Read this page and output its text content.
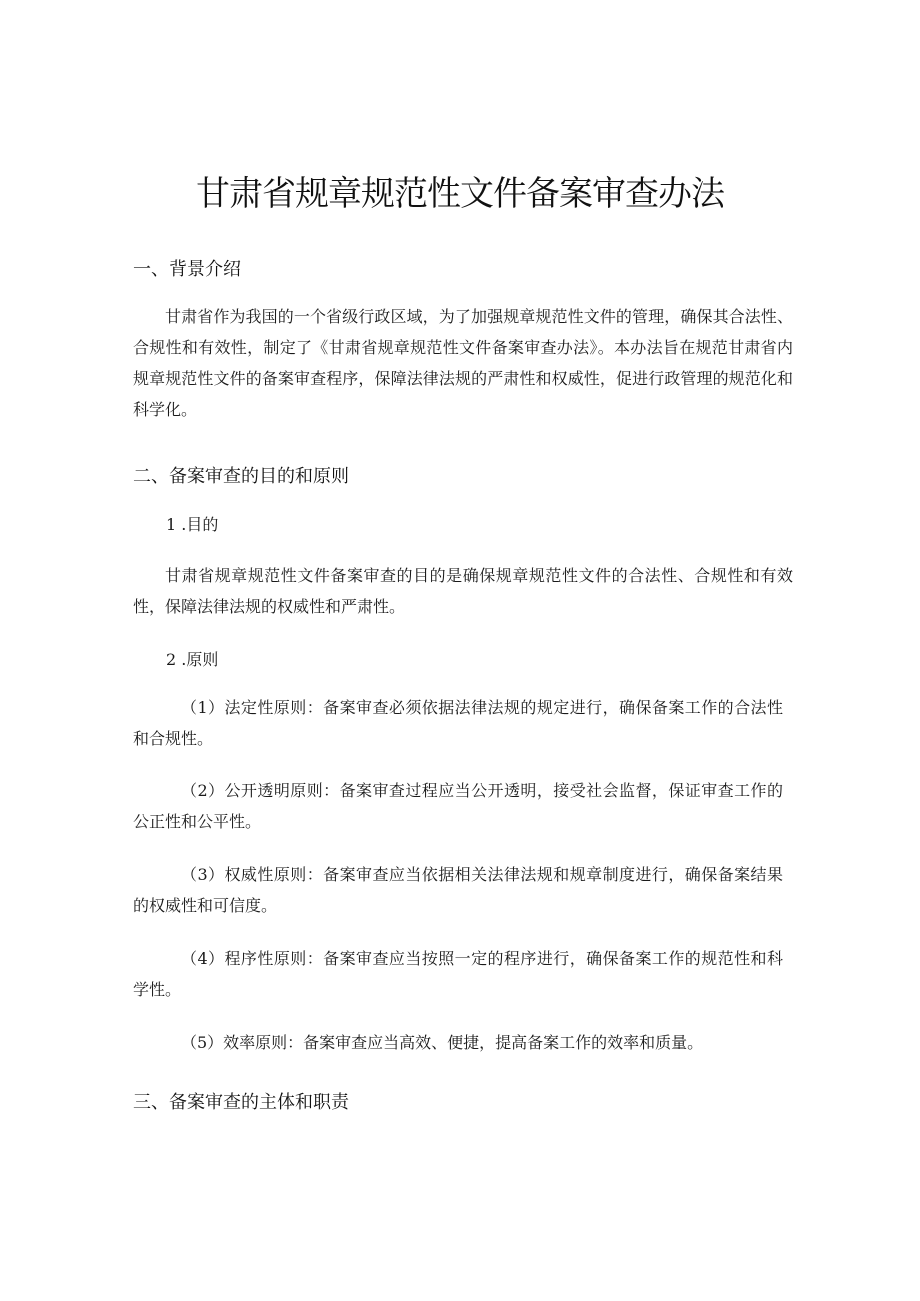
甘肃省规章规范性文件备案审查办法
一、背景介绍

甘肃省作为我国的一个省级行政区域，为了加强规章规范性文件的管理，确保其合法性、合规性和有效性，制定了《甘肃省规章规范性文件备案审查办法》。本办法旨在规范甘肃省内规章规范性文件的备案审查程序，保障法律法规的严肃性和权威性，促进行政管理的规范化和科学化。

二、备案审查的目的和原则
1 .目的

甘肃省规章规范性文件备案审查的目的是确保规章规范性文件的合法性、合规性和有效性，保障法律法规的权威性和严肃性。

2 .原则

（1）法定性原则：备案审查必须依据法律法规的规定进行，确保备案工作的合法性和合规性。

（2）公开透明原则：备案审查过程应当公开透明，接受社会监督，保证审查工作的公正性和公平性。

（3）权威性原则：备案审查应当依据相关法律法规和规章制度进行，确保备案结果的权威性和可信度。

（4）程序性原则：备案审查应当按照一定的程序进行，确保备案工作的规范性和科学性。

（5）效率原则：备案审查应当高效、便捷，提高备案工作的效率和质量。

三、备案审查的主体和职责
